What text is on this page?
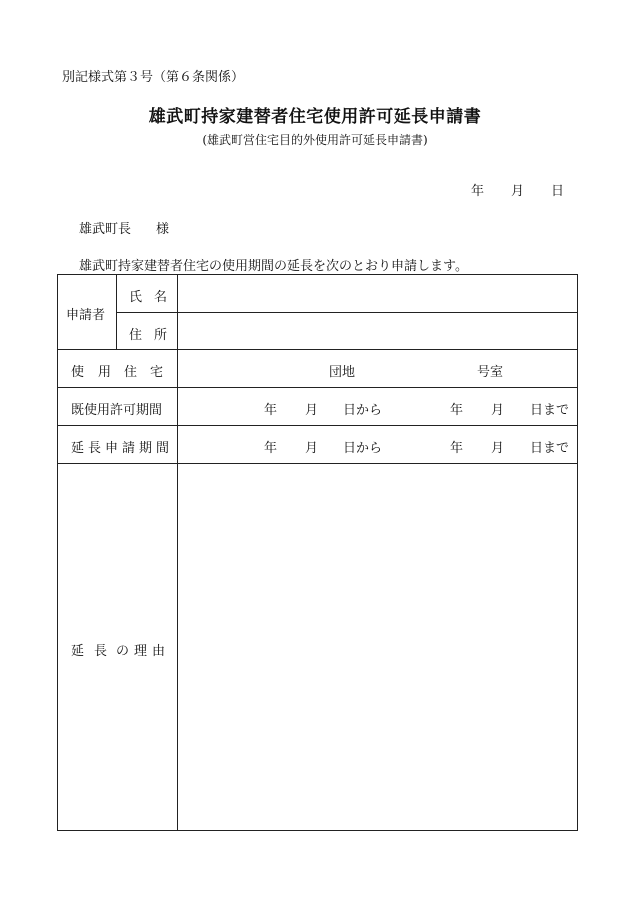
別記様式第３号（第６条関係）
雄武町持家建替者住宅使用許可延長申請書
(雄武町営住宅目的外使用許可延長申請書)
年 月 日
雄武町長 様
雄武町持家建替者住宅の使用期間の延長を次のとおり申請します。
申請者
氏 名
住 所
使 用 住 宅	団地	号室
既使用許可期間	年 月 日から	年 月 日まで
延 長 申 請 期 間	年 月 日から	年 月 日まで
延 長 の 理 由
